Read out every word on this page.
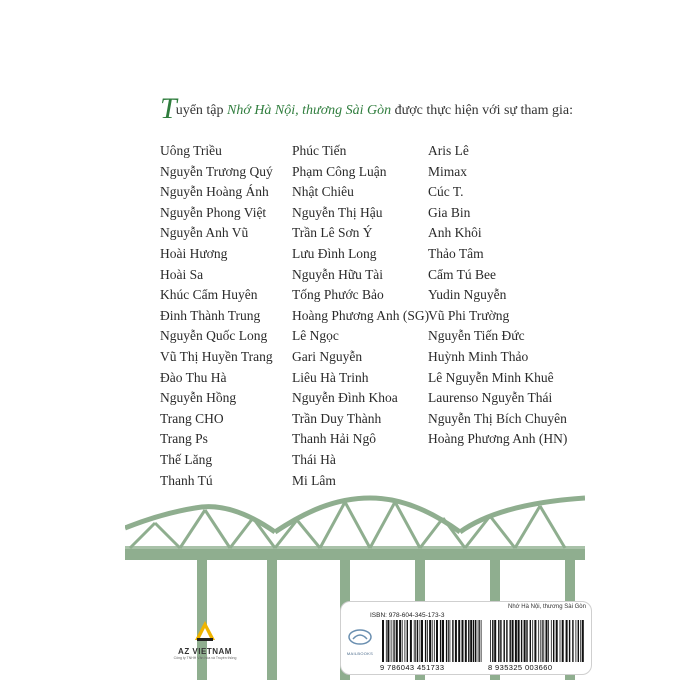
Tuyển tập Nhớ Hà Nội, thương Sài Gòn được thực hiện với sự tham gia:
Uông Triều
Nguyễn Trương Quý
Nguyễn Hoàng Ánh
Nguyễn Phong Việt
Nguyễn Anh Vũ
Hoài Hương
Hoài Sa
Khúc Cẩm Huyên
Đinh Thành Trung
Nguyễn Quốc Long
Vũ Thị Huyền Trang
Đào Thu Hà
Nguyễn Hồng
Trang CHO
Trang Ps
Thế Lăng
Thanh Tú
Phúc Tiến
Phạm Công Luận
Nhật Chiêu
Nguyễn Thị Hậu
Trần Lê Sơn Ý
Lưu Đình Long
Nguyễn Hữu Tài
Tống Phước Bảo
Hoàng Phương Anh (SG)
Lê Ngọc
Gari Nguyễn
Liêu Hà Trinh
Nguyễn Đình Khoa
Trần Duy Thành
Thanh Hải Ngô
Thái Hà
Mi Lâm
Aris Lê
Mimax
Cúc T.
Gia Bin
Anh Khôi
Thảo Tâm
Cẩm Tú Bee
Yudin Nguyễn
Vũ Phi Trường
Nguyễn Tiến Đức
Huỳnh Minh Thảo
Lê Nguyễn Minh Khuê
Laurenso Nguyễn Thái
Nguyễn Thị Bích Chuyên
Hoàng Phương Anh (HN)
AZ VIETNAM
Công ty TNHH Văn hóa và Truyền thông
Nhớ Hà Nội, thương Sài Gòn
ISBN: 978-604-345-173-3
MAILBOOKS
9 786043 451733	8 935325 003660
